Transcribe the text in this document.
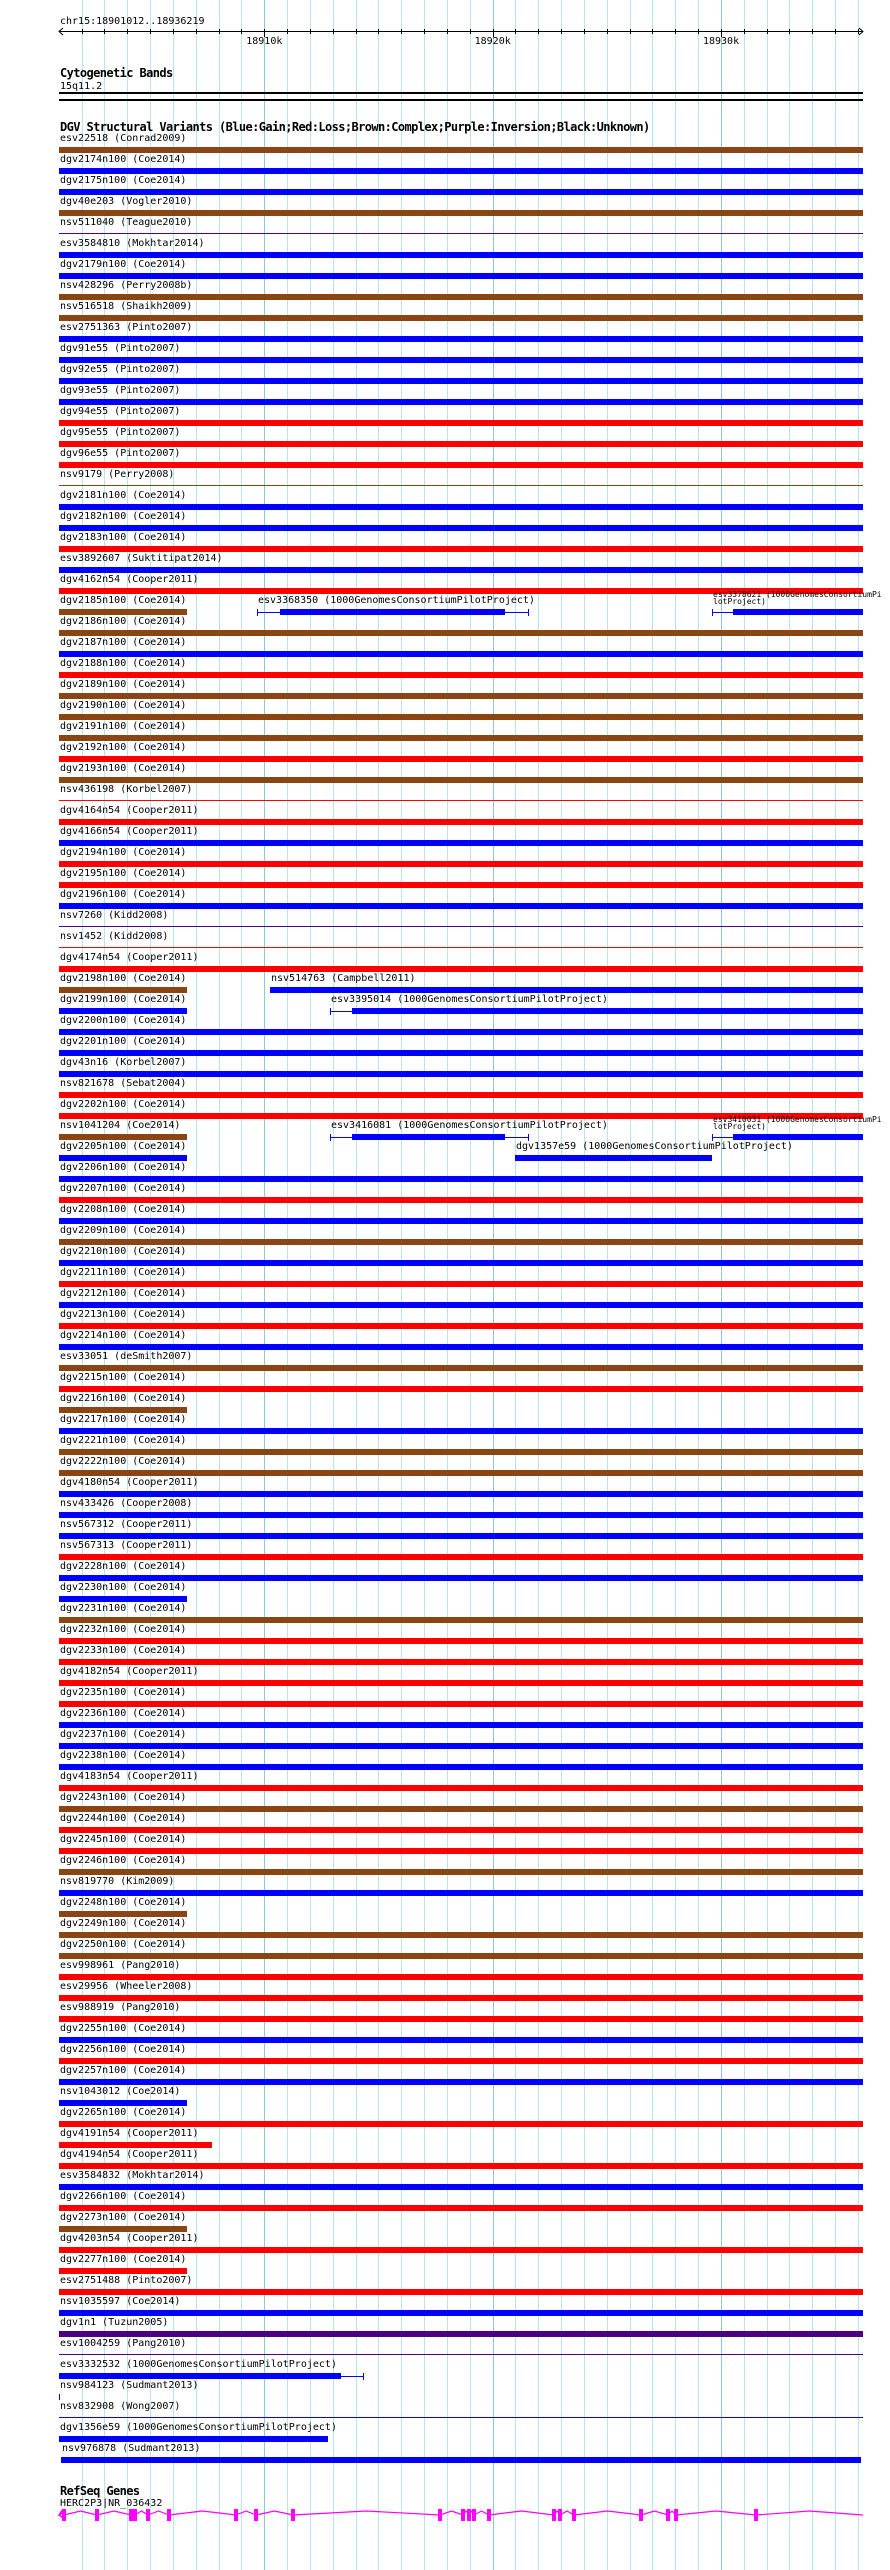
chr15:18901012..18936219
18910k	18920k	18930k
Cytogenetic Bands
15q11.2
DGV Structural Variants (Blue:Gain;Red:Loss;Brown:Complex;Purple:Inversion;Black:Unknown)
esv22518 (Conrad2009)
dgv2174n100 (Coe2014)
dgv2175n100 (Coe2014)
dgv40e203 (Vogler2010)
nsv511040 (Teague2010)
esv3584810 (Mokhtar2014)
dgv2179n100 (Coe2014)
nsv428296 (Perry2008b)
nsv516518 (Shaikh2009)
esv2751363 (Pinto2007)
dgv91e55 (Pinto2007)
dgv92e55 (Pinto2007)
dgv93e55 (Pinto2007)
dgv94e55 (Pinto2007)
dgv95e55 (Pinto2007)
dgv96e55 (Pinto2007)
nsv9179 (Perry2008)
dgv2181n100 (Coe2014)
dgv2182n100 (Coe2014)
dgv2183n100 (Coe2014)
esv3892607 (Suktitipat2014)
dgv4162n54 (Cooper2011)
dgv2185n100 (Coe2014)	esv3368350 (1000GenomesConsortiumPilotProject)
esv3378621 (1000GenomesConsortiumPilotProject)
dgv2186n100 (Coe2014)
dgv2187n100 (Coe2014)
dgv2188n100 (Coe2014)
dgv2189n100 (Coe2014)
dgv2190n100 (Coe2014)
dgv2191n100 (Coe2014)
dgv2192n100 (Coe2014)
dgv2193n100 (Coe2014)
nsv436198 (Korbel2007)
dgv4164n54 (Cooper2011)
dgv4166n54 (Cooper2011)
dgv2194n100 (Coe2014)
dgv2195n100 (Coe2014)
dgv2196n100 (Coe2014)
nsv7260 (Kidd2008)
nsv1452 (Kidd2008)
dgv4174n54 (Cooper2011)
dgv2198n100 (Coe2014)	nsv514763 (Campbell2011)
dgv2199n100 (Coe2014)	esv3395014 (1000GenomesConsortiumPilotProject)
dgv2200n100 (Coe2014)
dgv2201n100 (Coe2014)
dgv43n16 (Korbel2007)
nsv821678 (Sebat2004)
dgv2202n100 (Coe2014)
nsv1041204 (Coe2014)	esv3416081 (1000GenomesConsortiumPilotProject)
esv3410031 (1000GenomesConsortiumPilotProject)
dgv2205n100 (Coe2014)	dgv1357e59 (1000GenomesConsortiumPilotProject)
dgv2206n100 (Coe2014)
dgv2207n100 (Coe2014)
dgv2208n100 (Coe2014)
dgv2209n100 (Coe2014)
dgv2210n100 (Coe2014)
dgv2211n100 (Coe2014)
dgv2212n100 (Coe2014)
dgv2213n100 (Coe2014)
dgv2214n100 (Coe2014)
esv33051 (deSmith2007)
dgv2215n100 (Coe2014)
dgv2216n100 (Coe2014)
dgv2217n100 (Coe2014)
dgv2221n100 (Coe2014)
dgv2222n100 (Coe2014)
dgv4180n54 (Cooper2011)
nsv433426 (Cooper2008)
nsv567312 (Cooper2011)
nsv567313 (Cooper2011)
dgv2228n100 (Coe2014)
dgv2230n100 (Coe2014)
dgv2231n100 (Coe2014)
dgv2232n100 (Coe2014)
dgv2233n100 (Coe2014)
dgv4182n54 (Cooper2011)
dgv2235n100 (Coe2014)
dgv2236n100 (Coe2014)
dgv2237n100 (Coe2014)
dgv2238n100 (Coe2014)
dgv4183n54 (Cooper2011)
dgv2243n100 (Coe2014)
dgv2244n100 (Coe2014)
dgv2245n100 (Coe2014)
dgv2246n100 (Coe2014)
nsv819770 (Kim2009)
dgv2248n100 (Coe2014)
dgv2249n100 (Coe2014)
dgv2250n100 (Coe2014)
esv998961 (Pang2010)
esv29956 (Wheeler2008)
esv988919 (Pang2010)
dgv2255n100 (Coe2014)
dgv2256n100 (Coe2014)
dgv2257n100 (Coe2014)
nsv1043012 (Coe2014)
dgv2265n100 (Coe2014)
dgv4191n54 (Cooper2011)
dgv4194n54 (Cooper2011)
esv3584832 (Mokhtar2014)
dgv2266n100 (Coe2014)
dgv2273n100 (Coe2014)
dgv4203n54 (Cooper2011)
dgv2277n100 (Coe2014)
esv2751488 (Pinto2007)
nsv1035597 (Coe2014)
dgv1n1 (Tuzun2005)
esv1004259 (Pang2010)
esv3332532 (1000GenomesConsortiumPilotProject)
nsv984123 (Sudmant2013)
nsv832908 (Wong2007)
dgv1356e59 (1000GenomesConsortiumPilotProject)
nsv976878 (Sudmant2013)
RefSeq Genes
HERC2P3|NR_036432
